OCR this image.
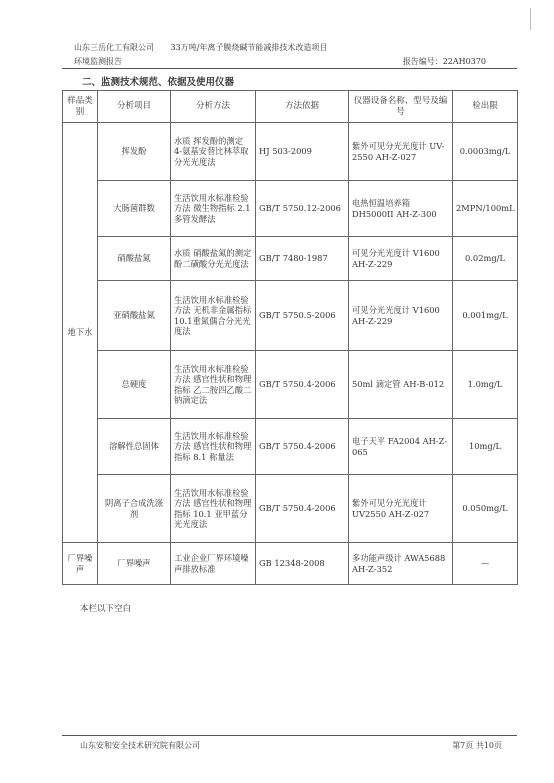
山东三岳化工有限公司 33万吨/年离子膜烧碱节能减排技术改造项目
环境监测报告	报告编号：22AH0370
二、监测技术规范、依据及使用仪器
样品类别	分析项目	分析方法	方法依据	仪器设备名称、型号及编号	检出限
地下水	挥发酚	水质 挥发酚的测定 4-氨基安替比林萃取分光光度法	HJ 503-2009	紫外可见分光光度计 UV-2550 AH-Z-027	0.0003mg/L
	大肠菌群数	生活饮用水标准检验方法 微生物指标 2.1 多管发酵法	GB/T 5750.12-2006	电热恒温培养箱 DH5000II AH-Z-300	2MPN/100mL
	硝酸盐氮	水质 硝酸盐氮的测定 酚二磺酸分光光度法	GB/T 7480-1987	可见分光光度计 V1600 AH-Z-229	0.02mg/L
	亚硝酸盐氮	生活饮用水标准检验方法 无机非金属指标 10.1重氮偶合分光光度法	GB/T 5750.5-2006	可见分光光度计 V1600 AH-Z-229	0.001mg/L
	总硬度	生活饮用水标准检验方法 感官性状和物理指标 乙二胺四乙酸二钠滴定法	GB/T 5750.4-2006	50ml 滴定管 AH-B-012	1.0mg/L
	溶解性总固体	生活饮用水标准检验方法 感官性状和物理指标 8.1 称量法	GB/T 5750.4-2006	电子天平 FA2004 AH-Z-065	10mg/L
	阴离子合成洗涤剂	生活饮用水标准检验方法 感官性状和物理指标 10.1 亚甲蓝分光光度法	GB/T 5750.4-2006	紫外可见分光光度计 UV2550 AH-Z-027	0.050mg/L
厂界噪声	厂界噪声	工业企业厂界环境噪声排放标准	GB 12348-2008	多功能声级计 AWA5688 AH-Z-352	—
本栏以下空白
山东安和安全技术研究院有限公司	第7页 共10页
